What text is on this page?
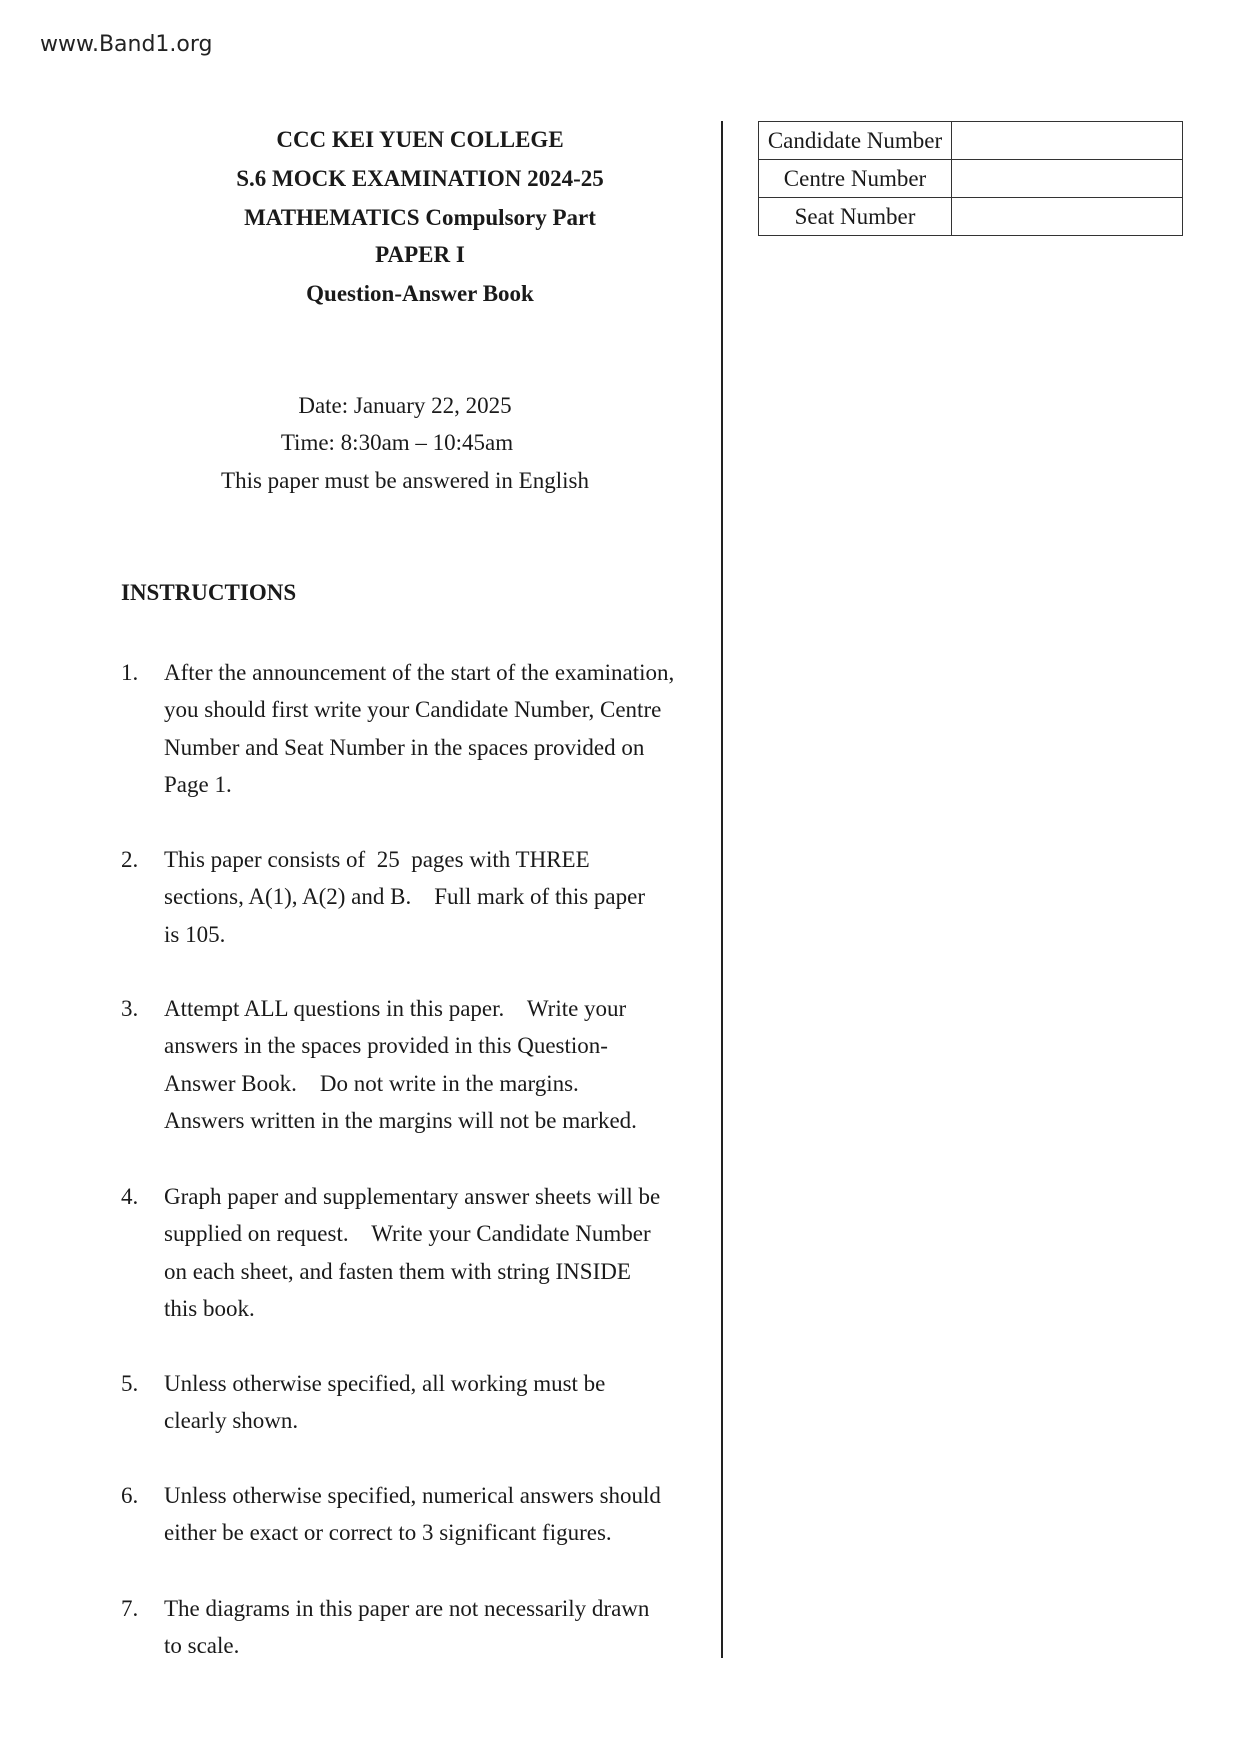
www.Band1.org
CCC KEI YUEN COLLEGE
S.6 MOCK EXAMINATION 2024-25
MATHEMATICS Compulsory Part
PAPER I
Question-Answer Book
Date: January 22, 2025
Time: 8:30am – 10:45am
This paper must be answered in English
Candidate Number	
Centre Number	
Seat Number	
INSTRUCTIONS
1. After the announcement of the start of the examination,
you should first write your Candidate Number, Centre
Number and Seat Number in the spaces provided on
Page 1.
2. This paper consists of  25  pages with THREE
sections, A(1), A(2) and B.    Full mark of this paper
is 105.
3. Attempt ALL questions in this paper.    Write your
answers in the spaces provided in this Question-
Answer Book.    Do not write in the margins.
Answers written in the margins will not be marked.
4. Graph paper and supplementary answer sheets will be
supplied on request.    Write your Candidate Number
on each sheet, and fasten them with string INSIDE
this book.
5. Unless otherwise specified, all working must be
clearly shown.
6. Unless otherwise specified, numerical answers should
either be exact or correct to 3 significant figures.
7. The diagrams in this paper are not necessarily drawn
to scale.
